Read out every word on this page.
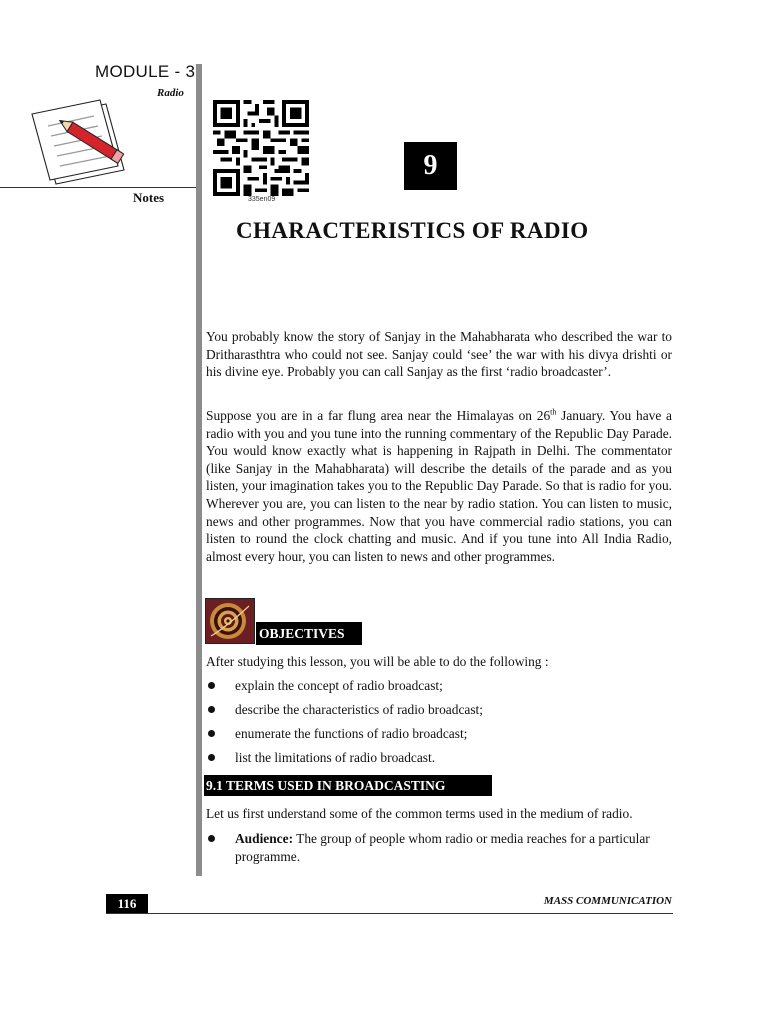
MODULE - 3
Radio
Notes	335en09
9
CHARACTERISTICS OF RADIO

You probably know the story of Sanjay in the Mahabharata who described the war to Dritharasthtra who could not see. Sanjay could ‘see’ the war with his divya drishti or his divine eye. Probably you can call Sanjay as the first ‘radio broadcaster’.

Suppose you are in a far flung area near the Himalayas on 26th January. You have a radio with you and you tune into the running commentary of the Republic Day Parade. You would know exactly what is happening in Rajpath in Delhi. The commentator (like Sanjay in the Mahabharata) will describe the details of the parade and as you listen, your imagination takes you to the Republic Day Parade. So that is radio for you. Wherever you are, you can listen to the near by radio station. You can listen to music, news and other programmes. Now that you have commercial radio stations, you can listen to round the clock chatting and music. And if you tune into All India Radio, almost every hour, you can listen to news and other programmes.

OBJECTIVES

After studying this lesson, you will be able to do the following :

explain the concept of radio broadcast;
describe the characteristics of radio broadcast;
enumerate the functions of radio broadcast;
list the limitations of radio broadcast.
9.1 TERMS USED IN BROADCASTING

Let us first understand some of the common terms used in the medium of radio.

Audience: The group of people whom radio or media reaches for a particular programme.
116	MASS COMMUNICATION
